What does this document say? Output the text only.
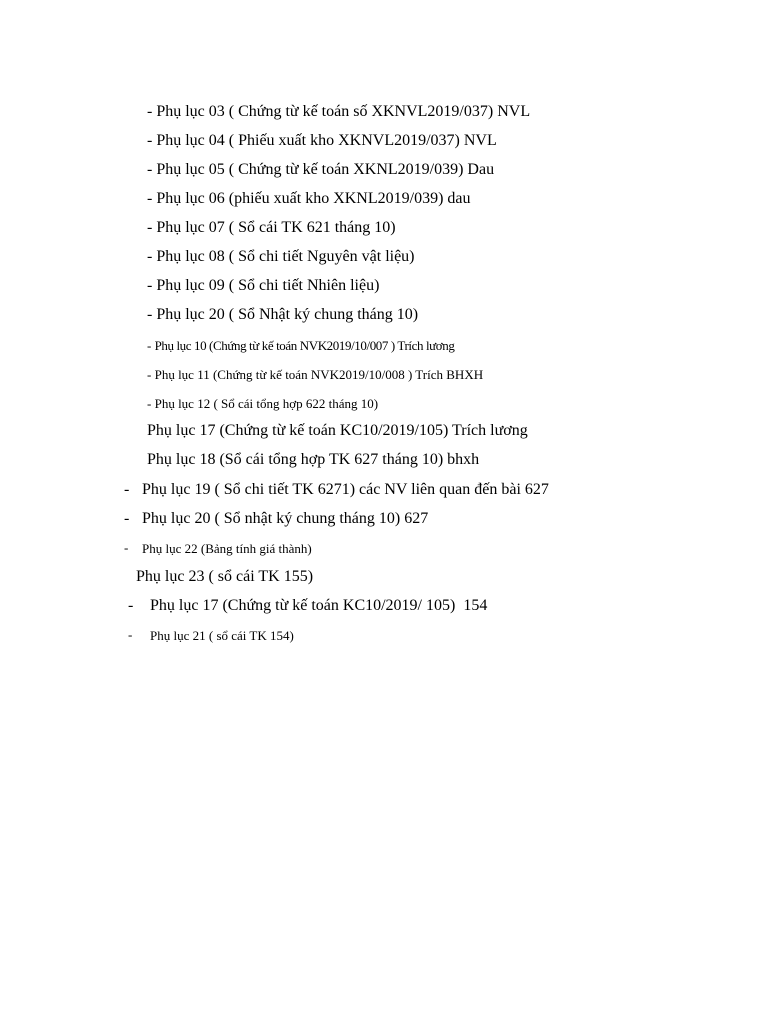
- Phụ lục 03 ( Chứng từ kế toán số XKNVL2019/037) NVL
- Phụ lục 04 ( Phiếu xuất kho XKNVL2019/037) NVL
- Phụ lục 05 ( Chứng từ kế toán XKNL2019/039) Dau
- Phụ lục 06 (phiếu xuất kho XKNL2019/039) dau
- Phụ lục 07 ( Sổ cái TK 621 tháng 10)
- Phụ lục 08 ( Sổ chi tiết Nguyên vật liệu)
- Phụ lục 09 ( Sổ chi tiết Nhiên liệu)
- Phụ lục 20 ( Sổ Nhật ký chung tháng 10)
- Phụ lục 10 (Chứng từ kế toán NVK2019/10/007 ) Trích lương
- Phụ lục 11 (Chứng từ kế toán NVK2019/10/008 ) Trích BHXH
- Phụ lục 12 ( Sổ cái tổng hợp 622 tháng 10)
Phụ lục 17 (Chứng từ kế toán KC10/2019/105) Trích lương
Phụ lục 18 (Sổ cái tổng hợp TK 627 tháng 10) bhxh
- Phụ lục 19 ( Sổ chi tiết TK 6271) các NV liên quan đến bài 627
- Phụ lục 20 ( Sổ nhật ký chung tháng 10) 627
- Phụ lục 22 (Bảng tính giá thành)
Phụ lục 23 ( sổ cái TK 155)
- Phụ lục 17 (Chứng từ kế toán KC10/2019/ 105)  154
- Phụ lục 21 ( sổ cái TK 154)
